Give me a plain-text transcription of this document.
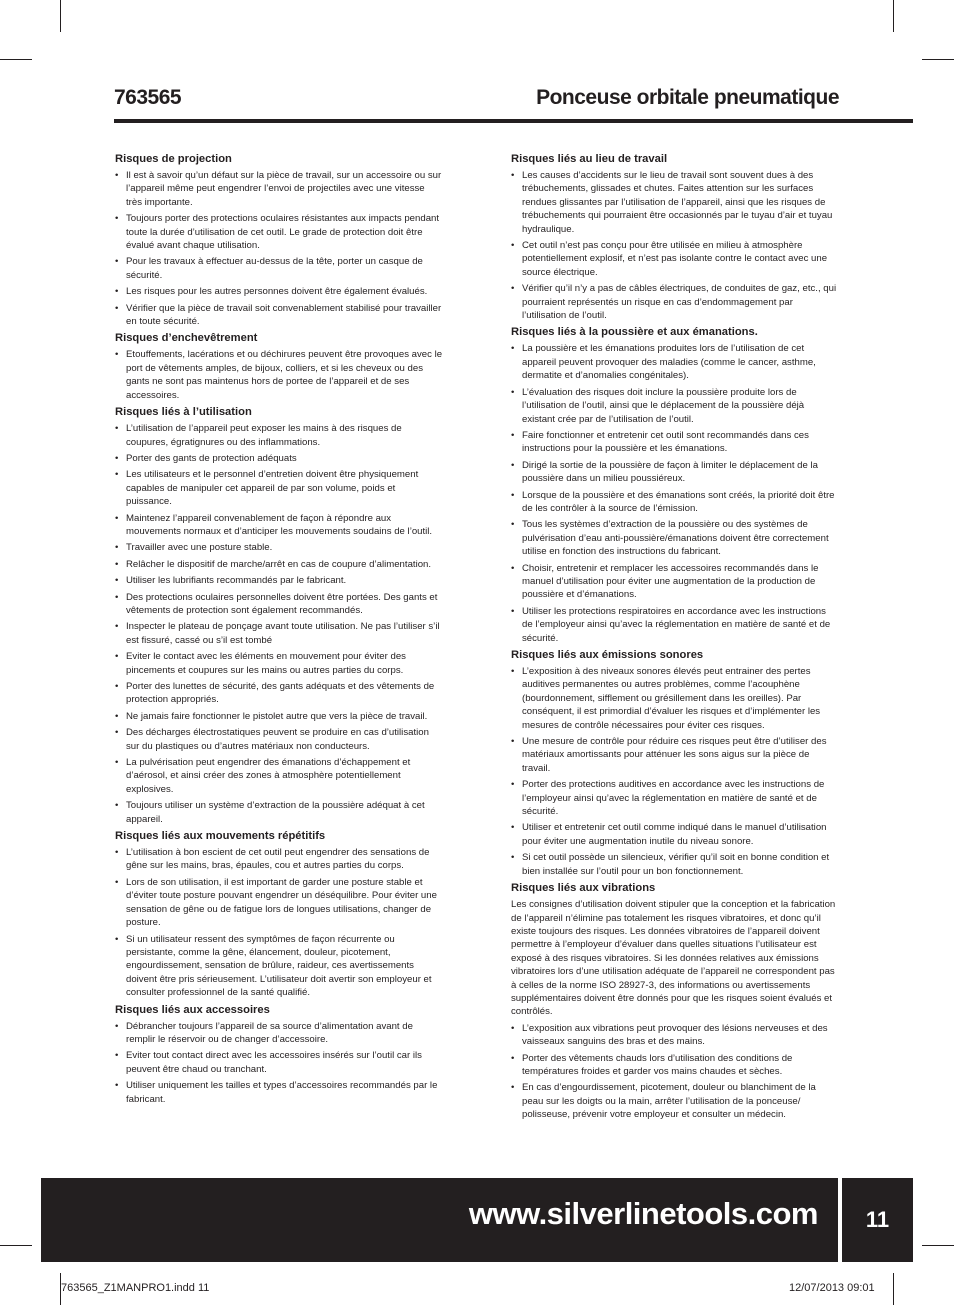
763565	Ponceuse orbitale pneumatique
Risques de projection
• Il est à savoir qu’un défaut sur la pièce de travail, sur un accessoire ou sur l’appareil même peut engendrer l’envoi de projectiles avec une vitesse très importante.
• Toujours porter des protections oculaires résistantes aux impacts pendant toute la durée d’utilisation de cet outil. Le grade de protection doit être évalué avant chaque utilisation.
• Pour les travaux à effectuer au-dessus de la tête, porter un casque de sécurité.
• Les risques pour les autres personnes doivent être également évalués.
• Vérifier que la pièce de travail soit convenablement stabilisé pour travailler en toute sécurité.
Risques d’enchevêtrement
• Etouffements, lacérations et ou déchirures peuvent être provoques avec le port de vêtements amples, de bijoux, colliers, et si les cheveux ou des gants ne sont pas maintenus hors de portee de l’appareil et de ses accessoires.
Risques liés à l’utilisation
• L’utilisation de l’appareil peut exposer les mains à des risques de coupures, égratignures ou des inflammations.
• Porter des gants de protection adéquats
• Les utilisateurs et le personnel d’entretien doivent être physiquement capables de manipuler cet appareil de par son volume, poids et puissance.
• Maintenez l’appareil convenablement de façon à répondre aux mouvements normaux et d’anticiper les mouvements soudains de l’outil.
• Travailler avec une posture stable.
• Relâcher le dispositif de marche/arrêt en cas de coupure d’alimentation.
• Utiliser les lubrifiants recommandés par le fabricant.
• Des protections oculaires personnelles doivent être portées. Des gants et vêtements de protection sont également recommandés.
• Inspecter le plateau de ponçage avant toute utilisation. Ne pas l’utiliser s’il est fissuré, cassé ou s’il est tombé
• Eviter le contact avec les éléments en mouvement pour éviter des pincements et coupures sur les mains ou autres parties du corps.
• Porter des lunettes de sécurité, des gants adéquats et des vêtements de protection appropriés.
• Ne jamais faire fonctionner le pistolet autre que vers la pièce de travail.
• Des décharges électrostatiques peuvent se produire en cas d’utilisation sur du plastiques ou d’autres matériaux non conducteurs.
• La pulvérisation peut engendrer des émanations d’échappement et d’aérosol, et ainsi créer des zones à atmosphère potentiellement explosives.
• Toujours utiliser un système d’extraction de la poussière adéquat à cet appareil.
Risques liés aux mouvements répétitifs
• L’utilisation à bon escient de cet outil peut engendrer des sensations de gêne sur les mains, bras, épaules, cou et autres parties du corps.
• Lors de son utilisation, il est important de garder une posture stable et d’éviter toute posture pouvant engendrer un déséquilibre. Pour éviter une sensation de gêne ou de fatigue lors de longues utilisations, changer de posture.
• Si un utilisateur ressent des symptômes de façon récurrente ou persistante, comme la gêne, élancement, douleur, picotement, engourdissement, sensation de brûlure, raideur, ces avertissements doivent être pris sérieusement. L’utilisateur doit avertir son employeur et consulter professionnel de la santé qualifié.
Risques liés aux accessoires
• Débrancher toujours l’appareil de sa source d’alimentation avant de remplir le réservoir ou de changer d’accessoire.
• Eviter tout contact direct avec les accessoires insérés sur l’outil car ils peuvent être chaud ou tranchant.
• Utiliser uniquement les tailles et types d’accessoires recommandés par le fabricant.
Risques liés au lieu de travail
• Les causes d’accidents sur le lieu de travail sont souvent dues à des trébuchements, glissades et chutes. Faites attention sur les surfaces rendues glissantes par l’utilisation de l’appareil, ainsi que les risques de trébuchements qui pourraient être occasionnés par le tuyau d’air et tuyau hydraulique.
• Cet outil n’est pas conçu pour être utilisée en milieu à atmosphère potentiellement explosif, et n’est pas isolante contre le contact avec une source électrique.
• Vérifier qu’il n’y a pas de câbles électriques, de conduites de gaz, etc., qui pourraient représentés un risque en cas d’endommagement par l’utilisation de l’outil.
Risques liés à la poussière et aux émanations.
• La poussière et les émanations produites lors de l’utilisation de cet appareil peuvent provoquer des maladies (comme le cancer, asthme, dermatite et d’anomalies congénitales).
• L’évaluation des risques doit inclure la poussière produite lors de l’utilisation de l’outil, ainsi que le déplacement de la poussière déjà existant crée par de l’utilisation de l’outil.
• Faire fonctionner et entretenir cet outil sont recommandés dans ces instructions pour la poussière et les émanations.
• Dirigé la sortie de la poussière de façon à limiter le déplacement de la poussière dans un milieu poussiéreux.
• Lorsque de la poussière et des émanations sont créés, la priorité doit être de les contrôler à la source de l’émission.
• Tous les systèmes d’extraction de la poussière ou des systèmes de pulvérisation d’eau anti-poussière/émanations doivent être correctement utilise en fonction des instructions du fabricant.
• Choisir, entretenir et remplacer les accessoires recommandés dans le manuel d’utilisation pour éviter une augmentation de la production de poussière et d’émanations.
• Utiliser les protections respiratoires en accordance avec les instructions de l’employeur ainsi qu’avec la réglementation en matière de santé et de sécurité.
Risques liés aux émissions sonores
• L’exposition à des niveaux sonores élevés peut entrainer des pertes auditives permanentes ou autres problèmes, comme l’acouphène (bourdonnement, sifflement ou grésillement dans les oreilles). Par conséquent, il est primordial d’évaluer les risques et d’implémenter les mesures de contrôle nécessaires pour éviter ces risques.
• Une mesure de contrôle pour réduire ces risques peut être d’utiliser des matériaux amortissants pour atténuer les sons aigus sur la pièce de travail.
• Porter des protections auditives en accordance avec les instructions de l’employeur ainsi qu’avec la réglementation en matière de santé et de sécurité.
• Utiliser et entretenir cet outil comme indiqué dans le manuel d’utilisation pour éviter une augmentation inutile du niveau sonore.
• Si cet outil possède un silencieux, vérifier qu’il soit en bonne condition et bien installée sur l’outil pour un bon fonctionnement.
Risques liés aux vibrations

Les consignes d’utilisation doivent stipuler que la conception et la fabrication de l’appareil n’élimine pas totalement les risques vibratoires, et donc qu’il existe toujours des risques. Les données vibratoires de l’appareil doivent permettre à l’employeur d’évaluer dans quelles situations l’utilisateur est exposé à des risques vibratoires. Si les données relatives aux émissions vibratoires lors d’une utilisation adéquate de l’appareil ne correspondent pas à celles de la norme ISO 28927-3, des informations ou avertissements supplémentaires doivent être donnés pour que les risques soient évalués et contrôlés.

• L’exposition aux vibrations peut provoquer des lésions nerveuses et des vaisseaux sanguins des bras et des mains.
• Porter des vêtements chauds lors d’utilisation des conditions de températures froides et garder vos mains chaudes et sèches.
• En cas d’engourdissement, picotement, douleur ou blanchiment de la peau sur les doigts ou la main, arrêter l’utilisation de la ponceuse/ polisseuse, prévenir votre employeur et consulter un médecin.
www.silverlinetools.com	11
763565_Z1MANPRO1.indd 11	12/07/2013 09:01
